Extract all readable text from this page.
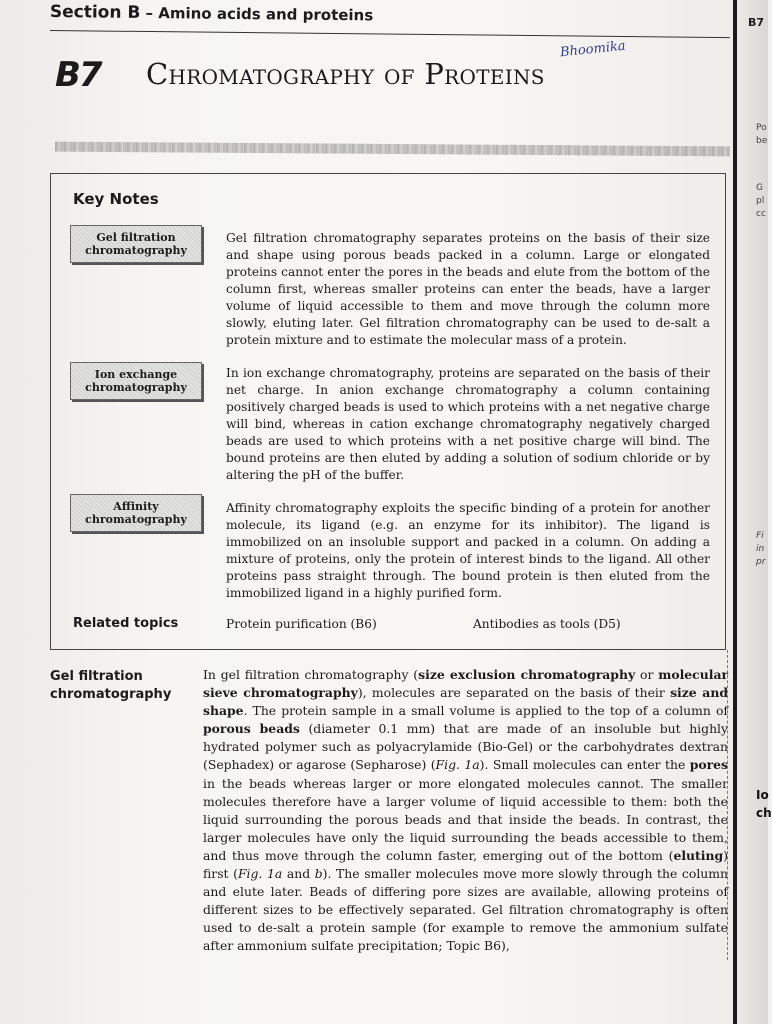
Section B – Amino acids and proteins	B7
B7 Chromatography of Proteins
Bhoomika
Key Notes
Gel filtration chromatography
Gel filtration chromatography separates proteins on the basis of their size and shape using porous beads packed in a column. Large or elongated proteins cannot enter the pores in the beads and elute from the bottom of the column first, whereas smaller proteins can enter the beads, have a larger volume of liquid accessible to them and move through the column more slowly, eluting later. Gel filtration chromatography can be used to de-salt a protein mixture and to estimate the molecular mass of a protein.
Ion exchange chromatography
In ion exchange chromatography, proteins are separated on the basis of their net charge. In anion exchange chromatography a column containing positively charged beads is used to which proteins with a net negative charge will bind, whereas in cation exchange chromatography negatively charged beads are used to which proteins with a net positive charge will bind. The bound proteins are then eluted by adding a solution of sodium chloride or by altering the pH of the buffer.
Affinity chromatography
Affinity chromatography exploits the specific binding of a protein for another molecule, its ligand (e.g. an enzyme for its inhibitor). The ligand is immobilized on an insoluble support and packed in a column. On adding a mixture of proteins, only the protein of interest binds to the ligand. All other proteins pass straight through. The bound protein is then eluted from the immobilized ligand in a highly purified form.
Related topics	Protein purification (B6)	Antibodies as tools (D5)
Gel filtration
chromatography
In gel filtration chromatography (size exclusion chromatography or molecular sieve chromatography), molecules are separated on the basis of their size and shape. The protein sample in a small volume is applied to the top of a column of porous beads (diameter 0.1 mm) that are made of an insoluble but highly hydrated polymer such as polyacrylamide (Bio-Gel) or the carbohydrates dextran (Sephadex) or agarose (Sepharose) (Fig. 1a). Small molecules can enter the pores in the beads whereas larger or more elongated molecules cannot. The smaller molecules therefore have a larger volume of liquid accessible to them: both the liquid surrounding the porous beads and that inside the beads. In contrast, the larger molecules have only the liquid surrounding the beads accessible to them, and thus move through the column faster, emerging out of the bottom (eluting) first (Fig. 1a and b). The smaller molecules move more slowly through the column and elute later. Beads of differing pore sizes are available, allowing proteins of different sizes to be effectively separated. Gel filtration chromatography is often used to de-salt a protein sample (for example to remove the ammonium sulfate after ammonium sulfate precipitation; Topic B6),
Po
be
G
pl
cc
Fi
in
pr
Io
ch
